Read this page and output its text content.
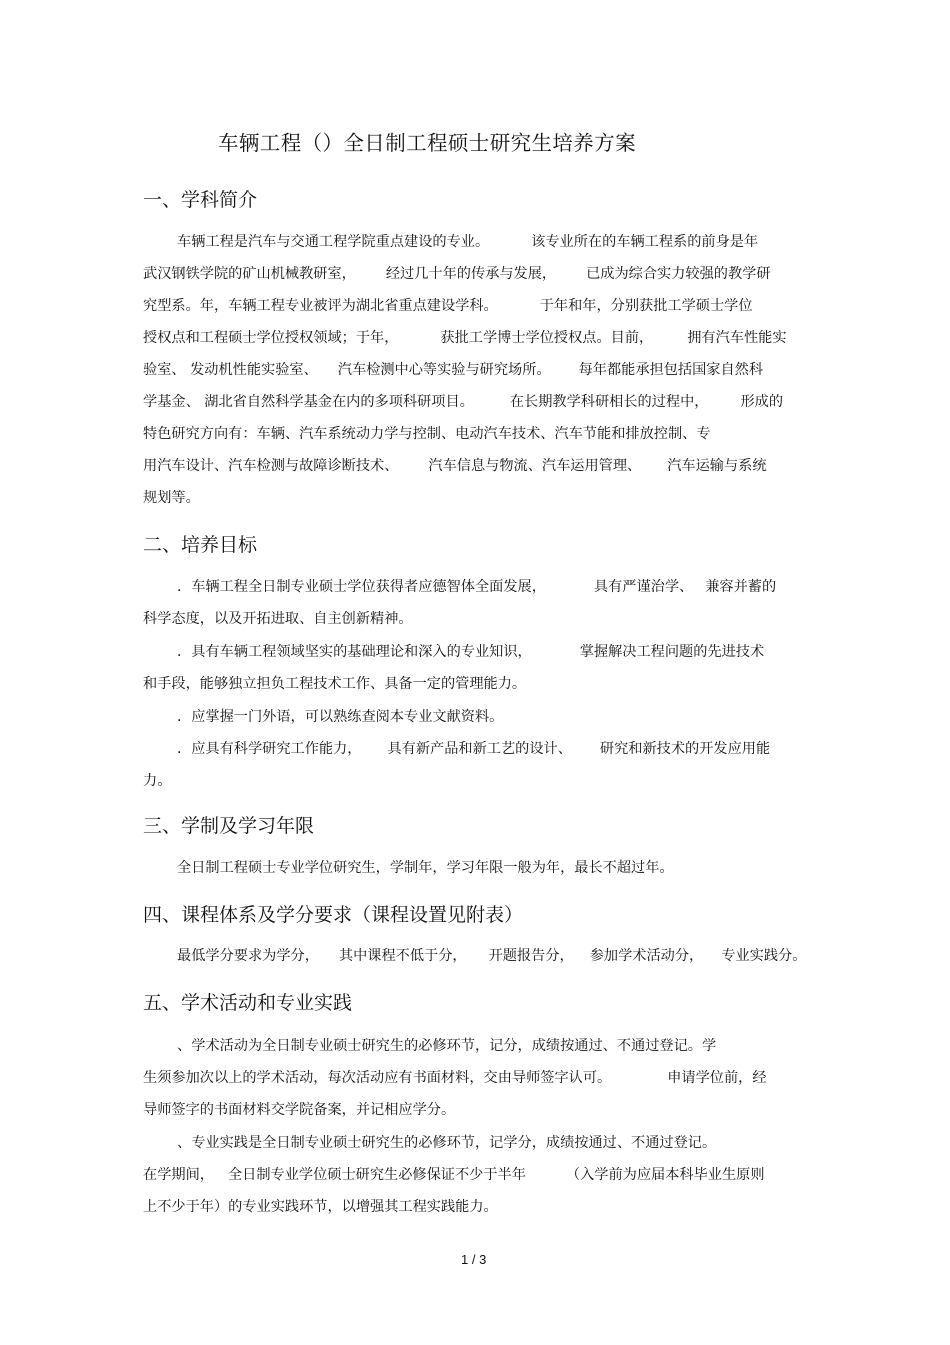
车辆工程（）全日制工程硕士研究生培养方案
一、学科简介
车辆工程是汽车与交通工程学院重点建设的专业。	该专业所在的车辆工程系的前身是年
武汉钢铁学院的矿山机械教研室， 经过几十年的传承与发展， 已成为综合实力较强的教学研
究型系。年，车辆工程专业被评为湖北省重点建设学科。	于年和年，分别获批工学硕士学位
授权点和工程硕士学位授权领域；于年，	获批工学博士学位授权点。目前， 拥有汽车性能实
验室、 发动机性能实验室、 汽车检测中心等实验与研究场所。 每年都能承担包括国家自然科
学基金、 湖北省自然科学基金在内的多项科研项目。	在长期教学科研相长的过程中， 形成的
特色研究方向有：车辆、汽车系统动力学与控制、电动汽车技术、汽车节能和排放控制、专
用汽车设计、汽车检测与故障诊断技术、 汽车信息与物流、汽车运用管理、 汽车运输与系统
规划等。
二、培养目标
．车辆工程全日制专业硕士学位获得者应德智体全面发展，	具有严谨治学、 兼容并蓄的
科学态度，以及开拓进取、自主创新精神。
．具有车辆工程领域坚实的基础理论和深入的专业知识，	掌握解决工程问题的先进技术
和手段，能够独立担负工程技术工作、具备一定的管理能力。
．应掌握一门外语，可以熟练查阅本专业文献资料。
．应具有科学研究工作能力， 具有新产品和新工艺的设计、 研究和新技术的开发应用能
力。
三、学制及学习年限
全日制工程硕士专业学位研究生，学制年，学习年限一般为年，最长不超过年。
四、课程体系及学分要求（课程设置见附表）
最低学分要求为学分， 其中课程不低于分， 开题报告分， 参加学术活动分， 专业实践分。
五、学术活动和专业实践
、学术活动为全日制专业硕士研究生的必修环节，记分，成绩按通过、不通过登记。学
生须参加次以上的学术活动，每次活动应有书面材料，交由导师签字认可。	申请学位前，经
导师签字的书面材料交学院备案，并记相应学分。
、专业实践是全日制专业硕士研究生的必修环节，记学分，成绩按通过、不通过登记。
在学期间， 全日制专业学位硕士研究生必修保证不少于半年	（入学前为应届本科毕业生原则
上不少于年）的专业实践环节，以增强其工程实践能力。
1 / 3
